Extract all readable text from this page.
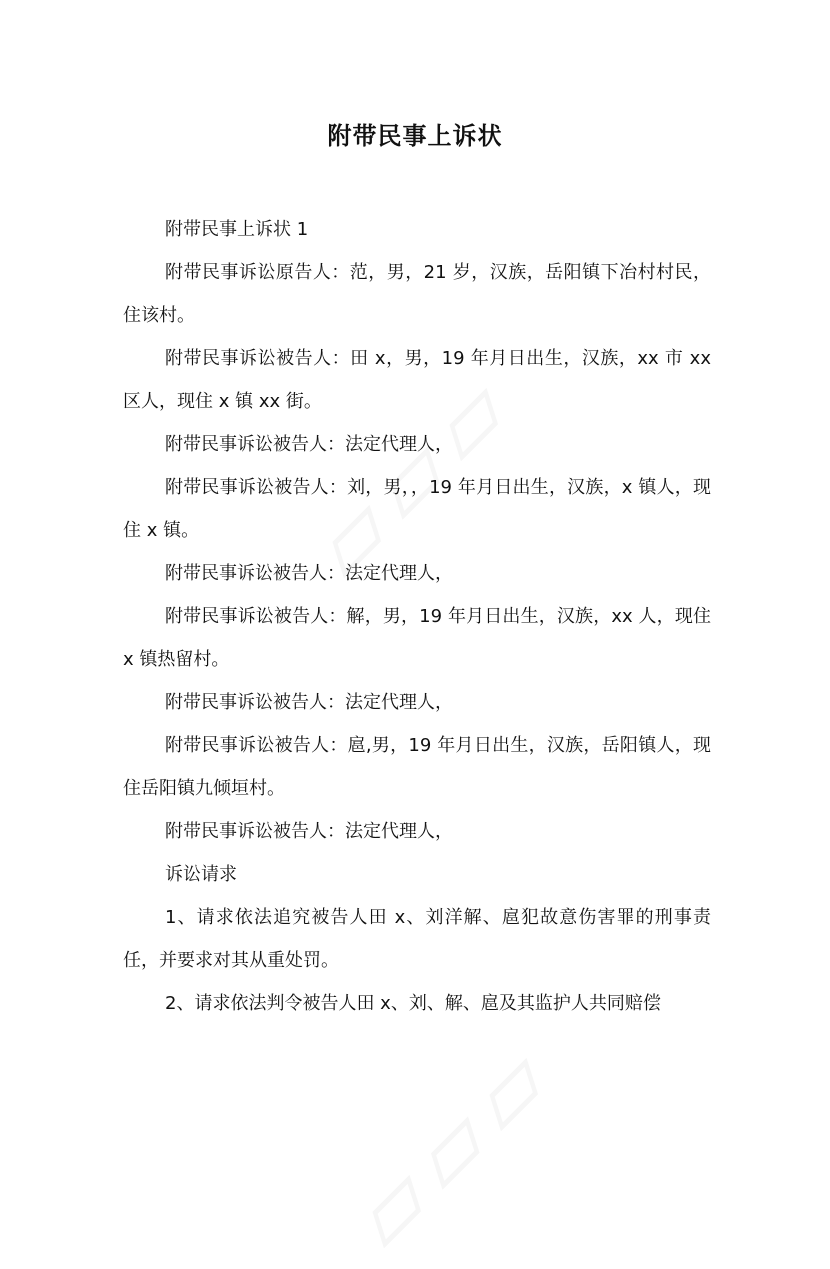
附带民事上诉状

附带民事上诉状 1

附带民事诉讼原告人：范，男，21 岁，汉族，岳阳镇下冶村村民，住该村。

附带民事诉讼被告人：田 x，男，19 年月日出生，汉族，xx 市 xx 区人，现住 x 镇 xx 街。

附带民事诉讼被告人：法定代理人，

附带民事诉讼被告人：刘，男，，19 年月日出生，汉族，x 镇人，现住 x 镇。

附带民事诉讼被告人：法定代理人，

附带民事诉讼被告人：解，男，19 年月日出生，汉族，xx 人，现住 x 镇热留村。

附带民事诉讼被告人：法定代理人，

附带民事诉讼被告人：扈,男，19 年月日出生，汉族，岳阳镇人，现住岳阳镇九倾垣村。

附带民事诉讼被告人：法定代理人，

诉讼请求

1、请求依法追究被告人田 x、刘洋解、扈犯故意伤害罪的刑事责任，并要求对其从重处罚。

2、请求依法判令被告人田 x、刘、解、扈及其监护人共同赔偿
